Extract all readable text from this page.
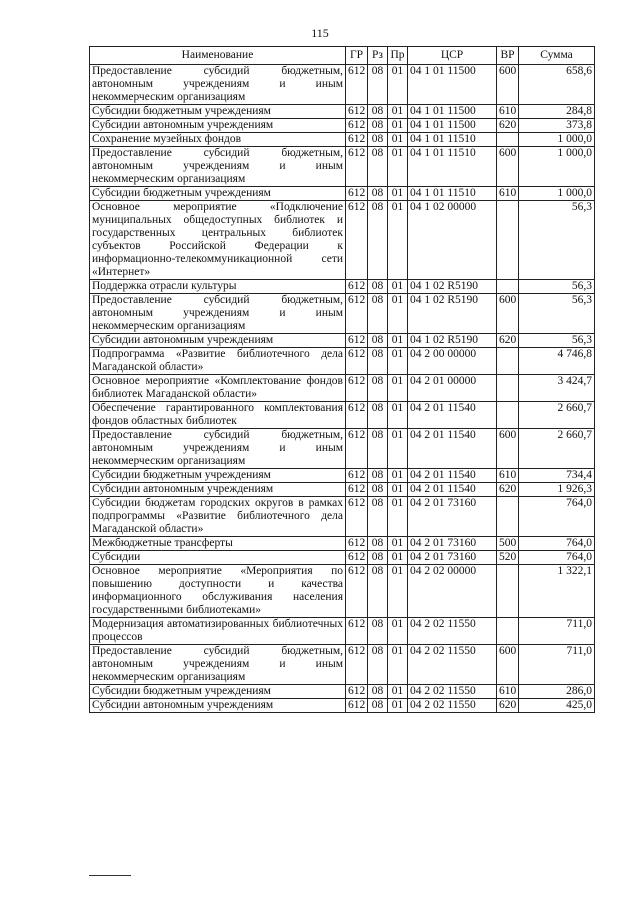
115
Наименование	ГР	Рз	Пр	ЦСР	ВР	Сумма
Предоставление субсидий бюджетным, автономным учреждениям и иным некоммерческим организациям	612	08	01	04 1 01 11500	600	658,6
Субсидии бюджетным учреждениям	612	08	01	04 1 01 11500	610	284,8
Субсидии автономным учреждениям	612	08	01	04 1 01 11500	620	373,8
Сохранение музейных фондов	612	08	01	04 1 01 11510		1 000,0
Предоставление субсидий бюджетным, автономным учреждениям и иным некоммерческим организациям	612	08	01	04 1 01 11510	600	1 000,0
Субсидии бюджетным учреждениям	612	08	01	04 1 01 11510	610	1 000,0
Основное мероприятие «Подключение муниципальных общедоступных библиотек и государственных центральных библиотек субъектов Российской Федерации к информационно-телекоммуникационной сети «Интернет»	612	08	01	04 1 02 00000		56,3
Поддержка отрасли культуры	612	08	01	04 1 02 R5190		56,3
Предоставление субсидий бюджетным, автономным учреждениям и иным некоммерческим организациям	612	08	01	04 1 02 R5190	600	56,3
Субсидии автономным учреждениям	612	08	01	04 1 02 R5190	620	56,3
Подпрограмма «Развитие библиотечного дела Магаданской области»	612	08	01	04 2 00 00000		4 746,8
Основное мероприятие «Комплектование фондов библиотек Магаданской области»	612	08	01	04 2 01 00000		3 424,7
Обеспечение гарантированного комплектования фондов областных библиотек	612	08	01	04 2 01 11540		2 660,7
Предоставление субсидий бюджетным, автономным учреждениям и иным некоммерческим организациям	612	08	01	04 2 01 11540	600	2 660,7
Субсидии бюджетным учреждениям	612	08	01	04 2 01 11540	610	734,4
Субсидии автономным учреждениям	612	08	01	04 2 01 11540	620	1 926,3
Субсидии бюджетам городских округов в рамках подпрограммы «Развитие библиотечного дела Магаданской области»	612	08	01	04 2 01 73160		764,0
Межбюджетные трансферты	612	08	01	04 2 01 73160	500	764,0
Субсидии	612	08	01	04 2 01 73160	520	764,0
Основное мероприятие «Мероприятия по повышению доступности и качества информационного обслуживания населения государственными библиотеками»	612	08	01	04 2 02 00000		1 322,1
Модернизация автоматизированных библиотечных процессов	612	08	01	04 2 02 11550		711,0
Предоставление субсидий бюджетным, автономным учреждениям и иным некоммерческим организациям	612	08	01	04 2 02 11550	600	711,0
Субсидии бюджетным учреждениям	612	08	01	04 2 02 11550	610	286,0
Субсидии автономным учреждениям	612	08	01	04 2 02 11550	620	425,0
